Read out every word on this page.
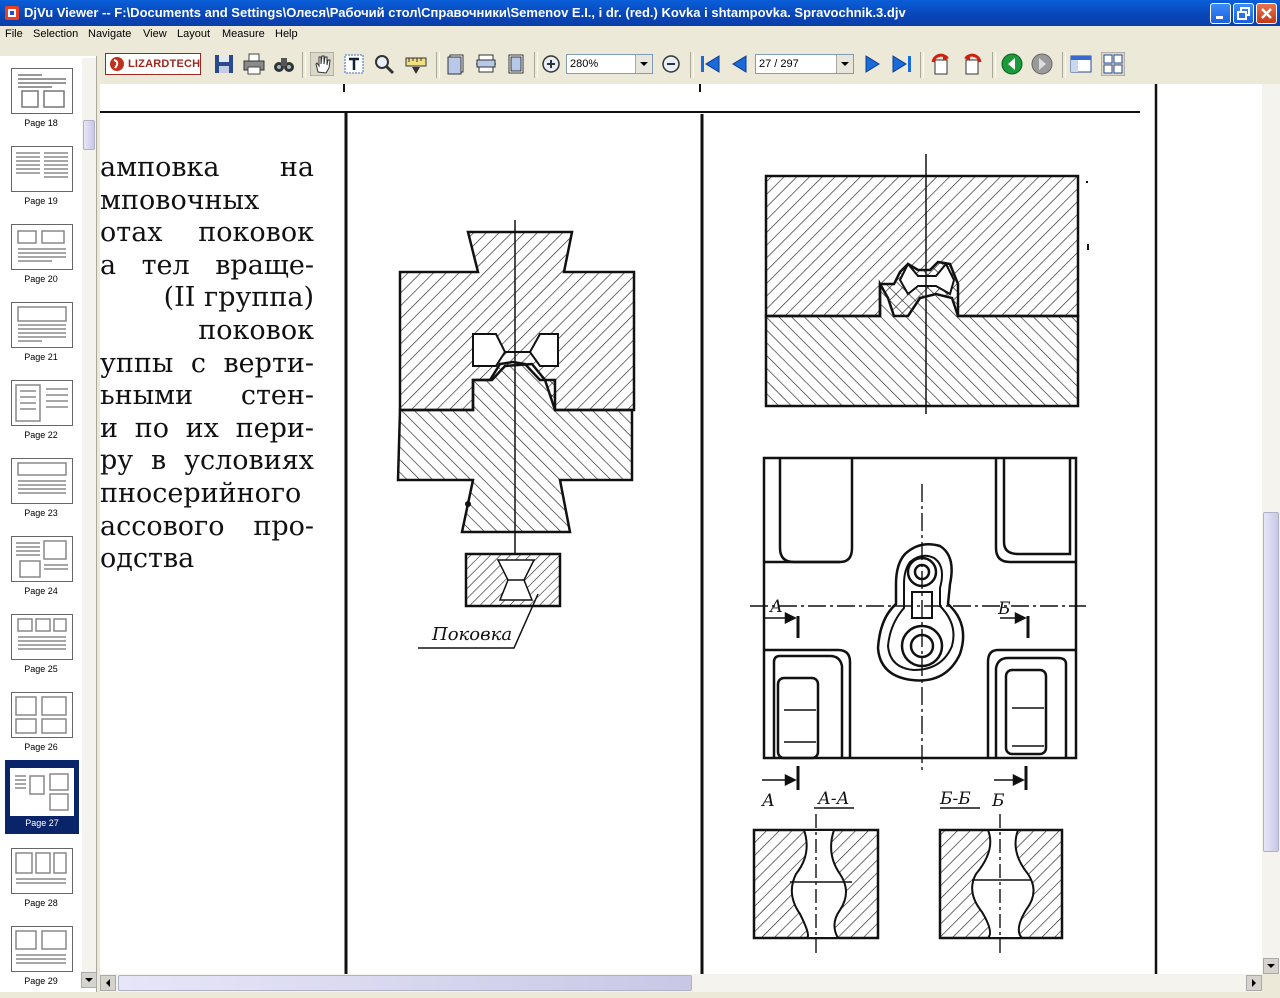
DjVu Viewer -- F:\Documents and Settings\Олеся\Рабочий стол\Справочники\Semenov E.I., i dr. (red.) Kovka i shtampovka. Spravochnik.3.djv
File Selection Navigate View Layout Measure Help
LIZARDTECH	280%	27 / 297
Page 18
Page 19
Page 20
Page 21
Page 22
Page 23
Page 24
Page 25
Page 26
Page 27
Page 28
Page 29
Поковка
А	Б
А	Б
А-А	Б-Б
амповка на
мповочных
отах поковок
а тел враще-
(II группа)
поковок
уппы с верти-
ьными стен-
и по их пери-
ру в условиях
пносерийного
ассового про-
одства
